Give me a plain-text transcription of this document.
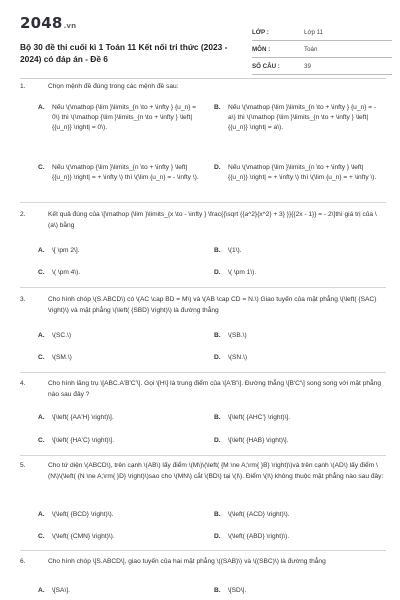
2048.vn
Bộ 30 đề thi cuối kì 1 Toán 11 Kết nối tri thức (2023 - 2024) có đáp án - Đề 6
LỚP :	Lớp 11
MÔN :	Toán
SỐ CÂU :	39
1.	Chọn mệnh đề đúng trong các mệnh đề sau:
A. Nếu \(\mathop {\lim }\limits_{n \to + \infty } {u_n} = 0\) thì \(\mathop {\lim }\limits_{n \to + \infty } \left| {{u_n}} \right| = 0\).
B. Nếu \(\mathop {\lim }\limits_{n \to + \infty } {u_n} = - a\) thì \(\mathop {\lim }\limits_{n \to + \infty } \left| {{u_n}} \right| = a\).
C. Nếu \(\mathop {\lim }\limits_{n \to + \infty } \left| {{u_n}} \right| = + \infty \) thì \(\lim {u_n} = - \infty \).
D. Nếu \(\mathop {\lim }\limits_{n \to + \infty } \left| {{u_n}} \right| = + \infty \) thì \(\lim {u_n} = + \infty \).
2.	Kết quả đúng của \[\mathop {\lim }\limits_{x \to - \infty } \frac{{\sqrt {{a^2}{x^2} + 3} }}{{2x - 1}} = - 2\]thì giá trị của \(a\) bằng
A. \[ \pm 2\].	B. \(1\).
C. \( \pm 4\).	D. \( \pm 1\).
3.	Cho hình chóp \(S.ABCD\) có \(AC \cap BD = M\) và \(AB \cap CD = N.\) Giao tuyến của mặt phẳng \(\left( {SAC} \right)\) và mặt phẳng \(\left( {SBD} \right)\) là đường thẳng
A. \(SC.\)	B. \(SB.\)
C. \(SM.\)	D. \(SN.\)
4.	Cho hình lăng trụ \[ABC.A'B'C'\]. Gọi \[H\] là trung điểm của \[A'B'\]. Đường thẳng \[B'C'\] song song với mặt phẳng nào sau đây ?
A. \[\left( {AA'H} \right)\].	B. \[\left( {AHC'} \right)\].
C. \[\left( {HA'C} \right)\].	D. \[\left( {HAB} \right)\].
5.	Cho tứ diện \(ABCD\), trên cạnh \(AB\) lấy điểm \(M\)\(\left( {M \ne A;\rm{ }B} \right)\)và trên cạnh \(AD\) lấy điểm \(N\)\(\left( {N \ne A;\rm{ }D} \right)\)sao cho \(MN\) cắt \(BD\) tại \(I\). Điểm \(I\) không thuộc mặt phẳng nào sau đây:
A. \(\left( {BCD} \right)\).	B. \(\left( {ACD} \right)\).
C. \(\left( {CMN} \right)\).	D. \(\left( {ABD} \right)\).
6.	Cho hình chóp \[S.ABCD\], giao tuyến của hai mặt phẳng \((SAB)\) và \((SBC)\) là đường thẳng
A. \[SA\].	B. \[SD\].
